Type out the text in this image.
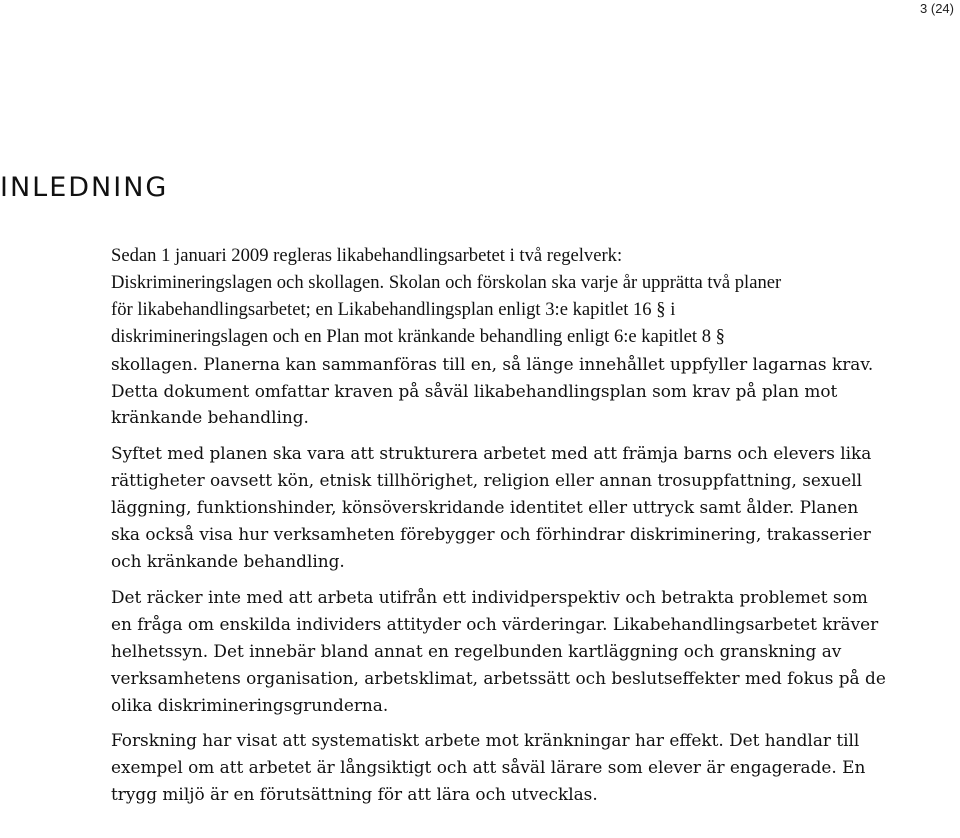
3 (24)
INLEDNING

Sedan 1 januari 2009 regleras likabehandlingsarbetet i två regelverk:
Diskrimineringslagen och skollagen. Skolan och förskolan ska varje år upprätta två planer
för likabehandlingsarbetet; en Likabehandlingsplan enligt 3:e kapitlet 16 § i
diskrimineringslagen och en Plan mot kränkande behandling enligt 6:e kapitlet 8 §
skollagen. Planerna kan sammanföras till en, så länge innehållet uppfyller lagarnas krav.
Detta dokument omfattar kraven på såväl likabehandlingsplan som krav på plan mot
kränkande behandling.

Syftet med planen ska vara att strukturera arbetet med att främja barns och elevers lika
rättigheter oavsett kön, etnisk tillhörighet, religion eller annan trosuppfattning, sexuell
läggning, funktionshinder, könsöverskridande identitet eller uttryck samt ålder. Planen
ska också visa hur verksamheten förebygger och förhindrar diskriminering, trakasserier
och kränkande behandling.

Det räcker inte med att arbeta utifrån ett individperspektiv och betrakta problemet som
en fråga om enskilda individers attityder och värderingar. Likabehandlingsarbetet kräver
helhetssyn. Det innebär bland annat en regelbunden kartläggning och granskning av
verksamhetens organisation, arbetsklimat, arbetssätt och beslutseffekter med fokus på de
olika diskrimineringsgrunderna.

Forskning har visat att systematiskt arbete mot kränkningar har effekt. Det handlar till
exempel om att arbetet är långsiktigt och att såväl lärare som elever är engagerade. En
trygg miljö är en förutsättning för att lära och utvecklas.
